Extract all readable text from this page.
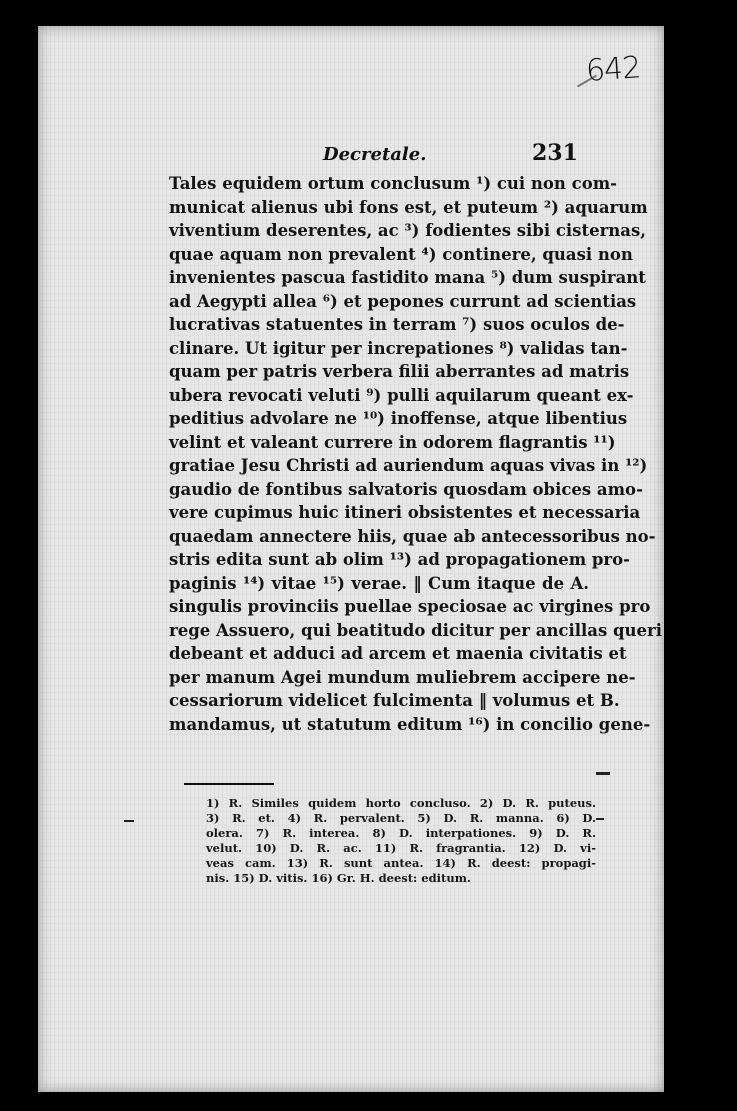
Decretale.	231
Tales equidem ortum conclusum ¹) cui non com-
municat alienus ubi fons est, et puteum ²) aquarum
viventium deserentes, ac ³) fodientes sibi cisternas,
quae aquam non prevalent ⁴) continere, quasi non
invenientes pascua fastidito mana ⁵) dum suspirant
ad Aegypti allea ⁶) et pepones currunt ad scientias
lucrativas statuentes in terram ⁷) suos oculos de-
clinare. Ut igitur per increpationes ⁸) validas tan-
quam per patris verbera filii aberrantes ad matris
ubera revocati veluti ⁹) pulli aquilarum queant ex-
peditius advolare ne ¹⁰) inoffense, atque libentius
velint et valeant currere in odorem flagrantis ¹¹)
gratiae Jesu Christi ad auriendum aquas vivas in ¹²)
gaudio de fontibus salvatoris quosdam obices amo-
vere cupimus huic itineri obsistentes et necessaria
quaedam annectere hiis, quae ab antecessoribus no-
stris edita sunt ab olim ¹³) ad propagationem pro-
paginis ¹⁴) vitae ¹⁵) verae. ‖ Cum itaque de A.
singulis provinciis puellae speciosae ac virgines pro
rege Assuero, qui beatitudo dicitur per ancillas queri
debeant et adduci ad arcem et maenia civitatis et
per manum Agei mundum muliebrem accipere ne-
cessariorum videlicet fulcimenta ‖ volumus et B.
mandamus, ut statutum editum ¹⁶) in concilio gene-
1) R. Similes quidem horto concluso. 2) D. R. puteus.
3) R. et. 4) R. pervalent. 5) D. R. manna. 6) D.
olera. 7) R. interea. 8) D. interpationes. 9) D. R.
velut. 10) D. R. ac. 11) R. fragrantia. 12) D. vi-
veas cam. 13) R. sunt antea. 14) R. deest: propagi-
nis. 15) D. vitis. 16) Gr. H. deest: editum.
642
